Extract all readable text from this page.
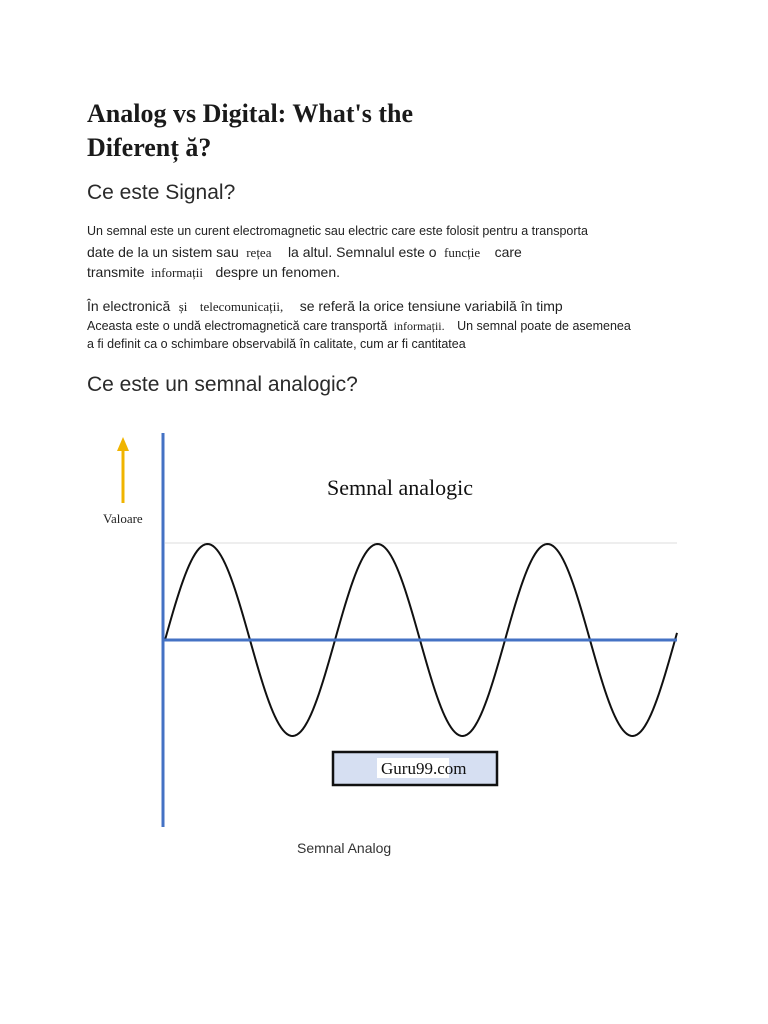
Analog vs Digital: What's the
Diferenț ă?
Ce este Signal?
Un semnal este un curent electromagnetic sau electric care este folosit pentru a transporta
date de la un sistem sau rețea la altul. Semnalul este o funcție care
transmite informații despre un fenomen.
În electronică și telecomunicații, se referă la orice tensiune variabilă în timp
Aceasta este o undă electromagnetică care transportă informații. Un semnal poate de asemenea
a fi definit ca o schimbare observabilă în calitate, cum ar fi cantitatea
Ce este un semnal analogic?
Valoare
Semnal analogic
Guru99.com
Semnal Analog
